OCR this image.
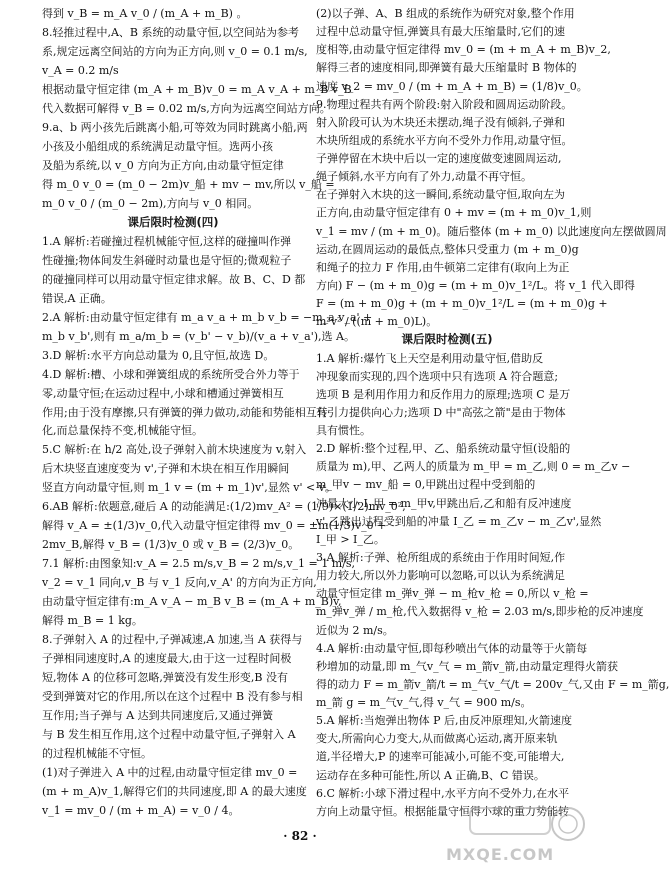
得到 v_B = m_A v_0 / (m_A + m_B) 。
8.轻推过程中,A、B 系统的动量守恒,以空间站为参考
系,规定远离空间站的方向为正方向,则 v_0 = 0.1 m/s,
v_A = 0.2 m/s
根据动量守恒定律 (m_A + m_B)v_0 = m_A v_A + m_B v_B
代入数据可解得 v_B = 0.02 m/s,方向为远离空间站方向。
9.a、b 两小孩先后跳离小船,可等效为同时跳离小船,两
小孩及小船组成的系统满足动量守恒。选两小孩
及船为系统,以 v_0 方向为正方向,由动量守恒定律
得 m_0 v_0 = (m_0 − 2m)v_船 + mv − mv,所以 v_船 =
m_0 v_0 / (m_0 − 2m),方向与 v_0 相同。
课后限时检测(四)
1.A 解析:若碰撞过程机械能守恒,这样的碰撞叫作弹
性碰撞;物体间发生斜碰时动量也是守恒的;微观粒子
的碰撞同样可以用动量守恒定律求解。故 B、C、D 都
错误,A 正确。
2.A 解析:由动量守恒定律有 m_a v_a + m_b v_b = −m_a v_a' +
m_b v_b',则有 m_a/m_b = (v_b' − v_b)/(v_a + v_a'),选 A。
3.D 解析:水平方向总动量为 0,且守恒,故选 D。
4.D 解析:槽、小球和弹簧组成的系统所受合外力等于
零,动量守恒;在运动过程中,小球和槽通过弹簧相互
作用;由于没有摩擦,只有弹簧的弹力做功,动能和势能相互转
化,而总量保持不变,机械能守恒。
5.C 解析:在 h/2 高处,设子弹射入前木块速度为 v,射入
后木块竖直速度变为 v',子弹和木块在相互作用瞬间
竖直方向动量守恒,则 m_1 v = (m + m_1)v',显然 v' < v。
6.AB 解析:依题意,碰后 A 的动能满足:(1/2)mv_A² = (1/9)×(1/2)mv_0²,
解得 v_A = ±(1/3)v_0,代入动量守恒定律得 mv_0 = ±m(1/3)v_0 +
2mv_B,解得 v_B = (1/3)v_0 或 v_B = (2/3)v_0。
7.1 解析:由图象知:v_A = 2.5 m/s,v_B = 2 m/s,v_1 = 1 m/s,
v_2 = v_1 同向,v_B 与 v_1 反向,v_A' 的方向为正方向,
由动量守恒定律有:m_A v_A − m_B v_B = (m_A + m_B)v,
解得 m_B = 1 kg。
8.子弹射入 A 的过程中,子弹减速,A 加速,当 A 获得与
子弹相同速度时,A 的速度最大,由于这一过程时间极
短,物体 A 的位移可忽略,弹簧没有发生形变,B 没有
受到弹簧对它的作用,所以在这个过程中 B 没有参与相
互作用;当子弹与 A 达到共同速度后,又通过弹簧
与 B 发生相互作用,这个过程中动量守恒,子弹射入 A
的过程机械能不守恒。
(1)对子弹进入 A 中的过程,由动量守恒定律 mv_0 =
(m + m_A)v_1,解得它们的共同速度,即 A 的最大速度
v_1 = mv_0 / (m + m_A) = v_0 / 4。
(2)以子弹、A、B 组成的系统作为研究对象,整个作用
过程中总动量守恒,弹簧具有最大压缩量时,它们的速
度相等,由动量守恒定律得 mv_0 = (m + m_A + m_B)v_2,
解得三者的速度相同,即弹簧有最大压缩量时 B 物体的
速度 v_2 = mv_0 / (m + m_A + m_B) = (1/8)v_0。
9.物理过程共有两个阶段:射入阶段和圆周运动阶段。
射入阶段可认为木块还未摆动,绳子没有倾斜,子弹和
木块所组成的系统水平方向不受外力作用,动量守恒。
子弹停留在木块中后以一定的速度做变速圆周运动,
绳子倾斜,水平方向有了外力,动量不再守恒。
在子弹射入木块的这一瞬间,系统动量守恒,取向左为
正方向,由动量守恒定律有 0 + mv = (m + m_0)v_1,则
v_1 = mv / (m + m_0)。随后整体 (m + m_0) 以此速度向左摆做圆周
运动,在圆周运动的最低点,整体只受重力 (m + m_0)g
和绳子的拉力 F 作用,由牛顿第二定律有(取向上为正
方向) F − (m + m_0)g = (m + m_0)v_1²/L。将 v_1 代入即得
F = (m + m_0)g + (m + m_0)v_1²/L = (m + m_0)g +
m²v² / ((m + m_0)L)。
课后限时检测(五)
1.A 解析:爆竹飞上天空是利用动量守恒,借助反
冲现象而实现的,四个选项中只有选项 A 符合题意;
选项 B 是利用作用力和反作用力的原理;选项 C 是万
有引力提供向心力;选项 D 中"高弦之箭"是由于物体
具有惯性。
2.D 解析:整个过程,甲、乙、船系统动量守恒(设船的
质量为 m),甲、乙两人的质量为 m_甲 = m_乙,则 0 = m_乙v −
m_甲v − mv_船 = 0,甲跳出过程中受到船的
冲量大小 I_甲 = m_甲v,甲跳出后,乙和船有反冲速度
v',乙跳出过程受到船的冲量 I_乙 = m_乙v − m_乙v',显然
I_甲 > I_乙。
3.A 解析:子弹、枪所组成的系统由于作用时间短,作
用力较大,所以外力影响可以忽略,可以认为系统满足
动量守恒定律 m_弹v_弹 − m_枪v_枪 = 0,所以 v_枪 =
m_弹v_弹 / m_枪,代入数据得 v_枪 = 2.03 m/s,即步枪的反冲速度
近似为 2 m/s。
4.A 解析:由动量守恒,即每秒喷出气体的动量等于火箭每
秒增加的动量,即 m_气v_气 = m_箭v_箭,由动量定理得火箭获
得的动力 F = m_箭v_箭/t = m_气v_气/t = 200v_气,又由 F = m_箭g,
m_箭 g = m_气v_气,得 v_气 = 900 m/s。
5.A 解析:当炮弹出物体 P 后,由反冲原理知,火箭速度
变大,所需向心力变大,从而做离心运动,离开原来轨
道,半径增大,P 的速率可能减小,可能不变,可能增大,
运动存在多种可能性,所以 A 正确,B、C 错误。
6.C 解析:小球下滑过程中,水平方向不受外力,在水平
方向上动量守恒。根据能量守恒得小球的重力势能转
· 82 ·
MXQE.COM
